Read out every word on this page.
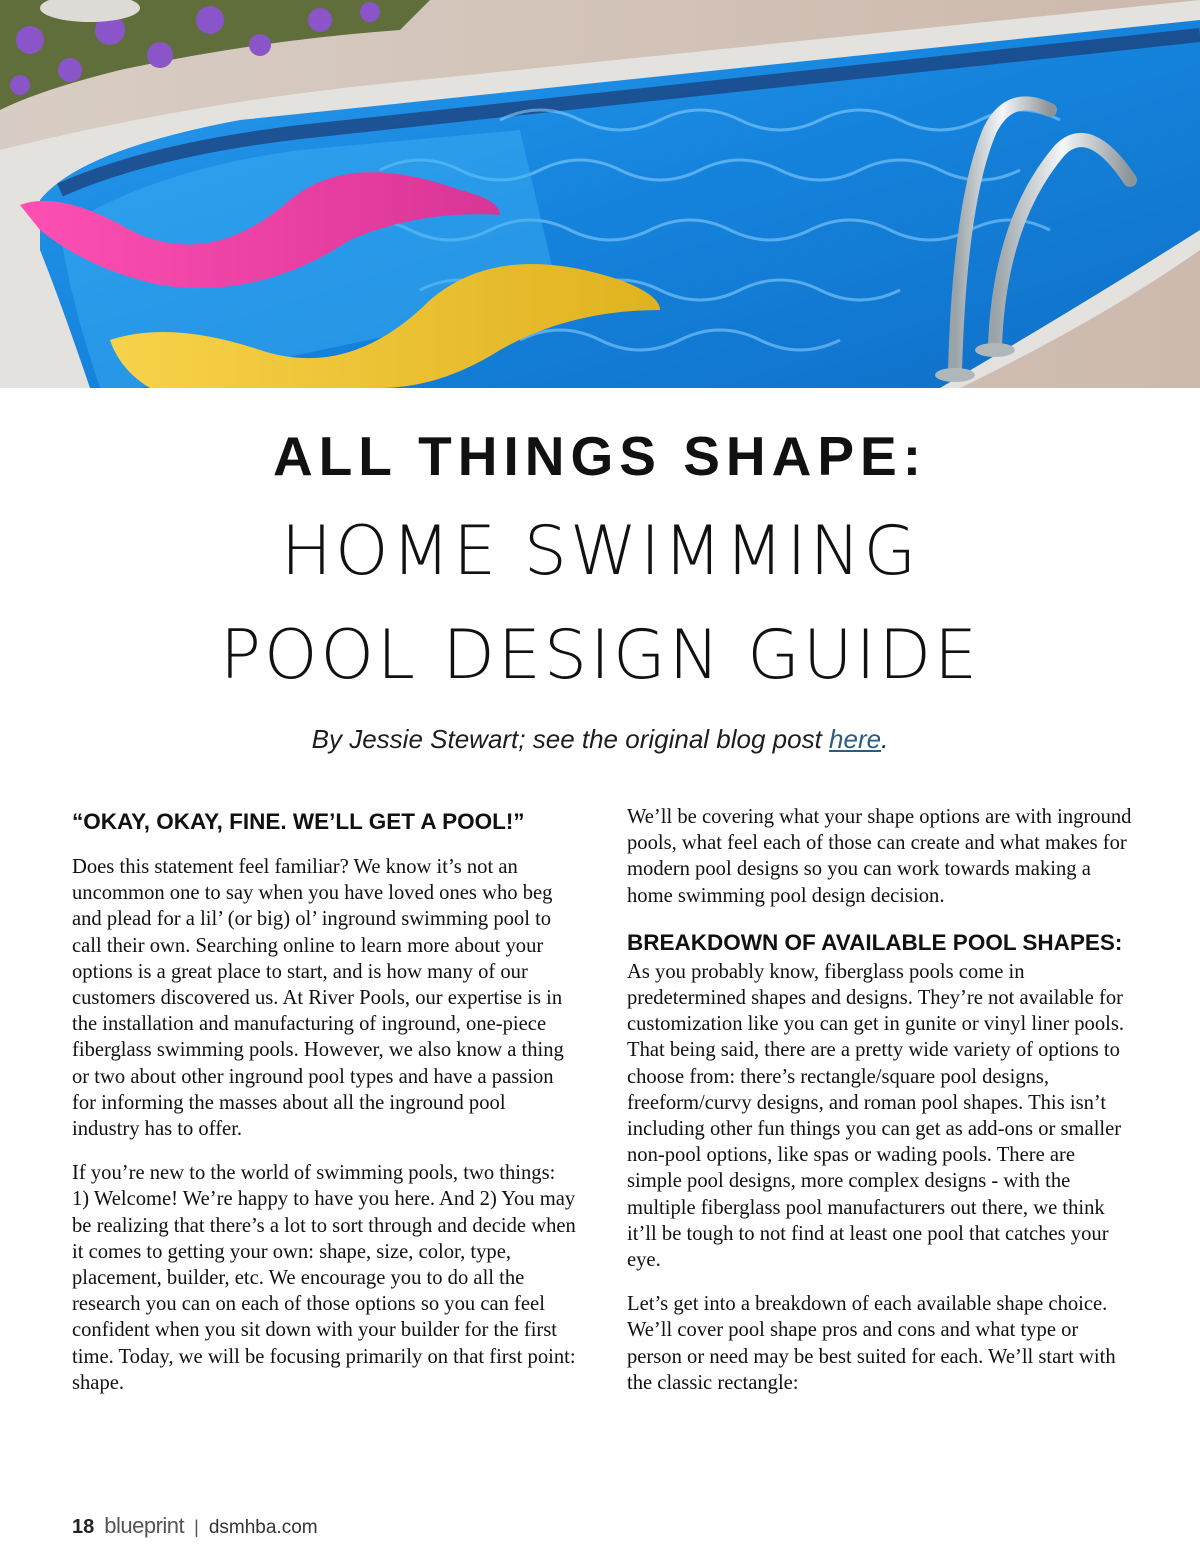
ALL THINGS SHAPE:
HOME SWIMMING
POOL DESIGN GUIDE
By Jessie Stewart; see the original blog post here.
“OKAY, OKAY, FINE. WE’LL GET A POOL!”

Does this statement feel familiar? We know it’s not an uncommon one to say when you have loved ones who beg and plead for a lil’ (or big) ol’ inground swimming pool to call their own. Searching online to learn more about your options is a great place to start, and is how many of our customers discovered us. At River Pools, our expertise is in the installation and manufacturing of inground, one-piece fiberglass swimming pools. However, we also know a thing or two about other inground pool types and have a passion for informing the masses about all the inground pool industry has to offer.

If you’re new to the world of swimming pools, two things: 1) Welcome! We’re happy to have you here. And 2) You may be realizing that there’s a lot to sort through and decide when it comes to getting your own: shape, size, color, type, placement, builder, etc. We encourage you to do all the research you can on each of those options so you can feel confident when you sit down with your builder for the first time. Today, we will be focusing primarily on that first point: shape.

We’ll be covering what your shape options are with inground pools, what feel each of those can create and what makes for modern pool designs so you can work towards making a home swimming pool design decision.

BREAKDOWN OF AVAILABLE POOL SHAPES:

As you probably know, fiberglass pools come in predetermined shapes and designs. They’re not available for customization like you can get in gunite or vinyl liner pools. That being said, there are a pretty wide variety of options to choose from: there’s rectangle/square pool designs, freeform/curvy designs, and roman pool shapes. This isn’t including other fun things you can get as add-ons or smaller non-pool options, like spas or wading pools. There are simple pool designs, more complex designs - with the multiple fiberglass pool manufacturers out there, we think it’ll be tough to not find at least one pool that catches your eye.

Let’s get into a breakdown of each available shape choice. We’ll cover pool shape pros and cons and what type or person or need may be best suited for each. We’ll start with the classic rectangle:

18 blueprint | dsmhba.com
